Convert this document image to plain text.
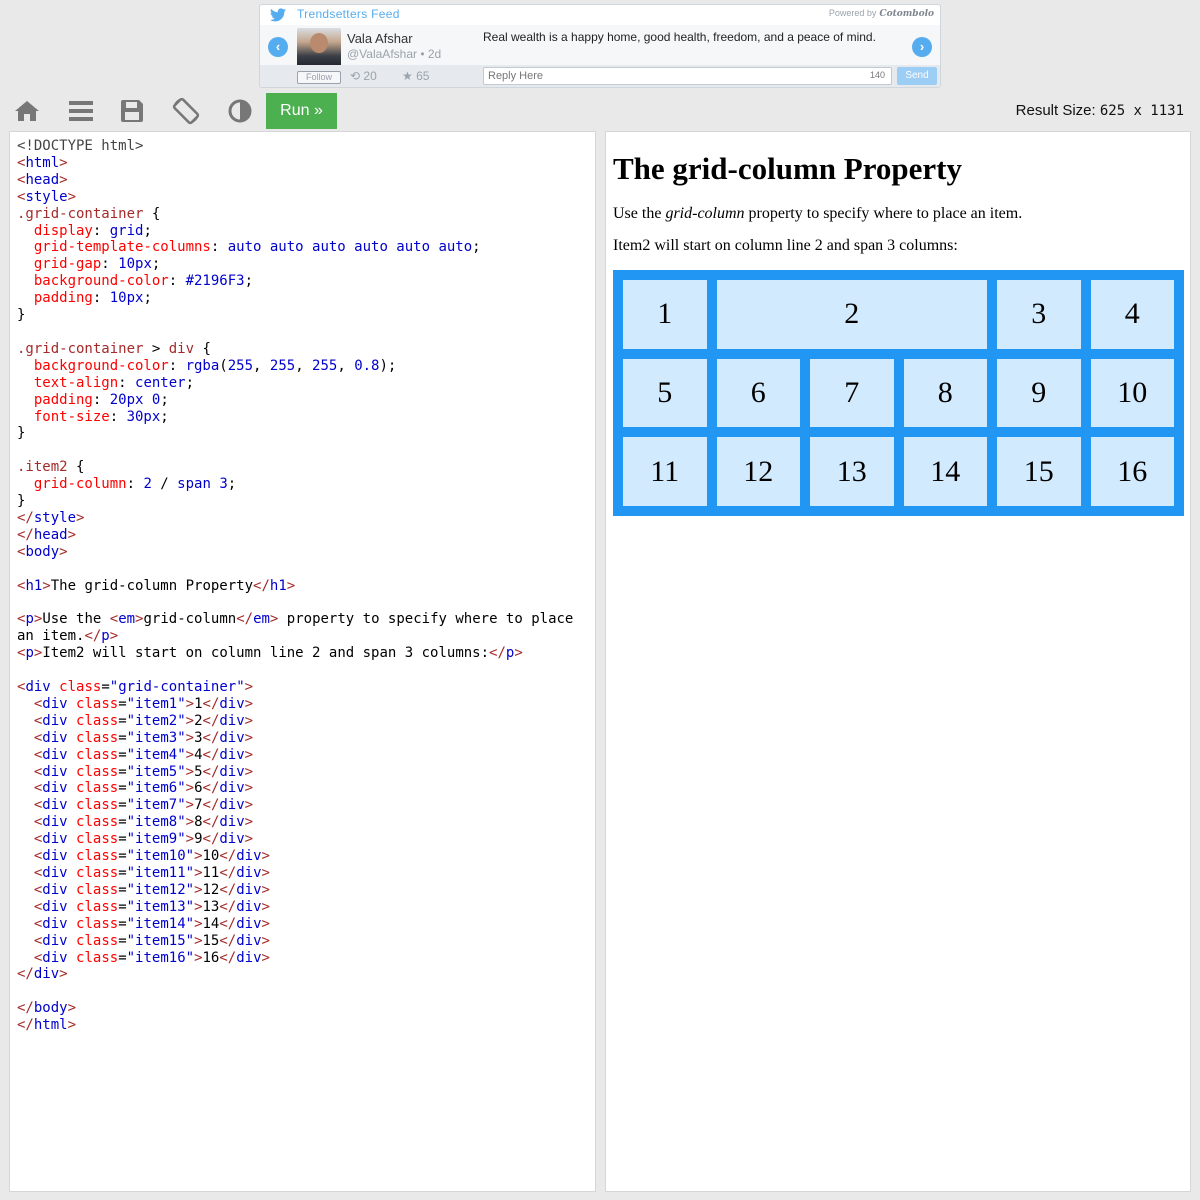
Trendsetters Feed	Powered by Cotombolo
‹
Vala Afshar
@ValaAfshar • 2d
Real wealth is a happy home, good health, freedom, and a peace of mind.
›
Follow	⟲ 20 ★ 65	Reply Here	140	Send
Run »	Result Size: 625 x 1131
<!DOCTYPE html>
<html>
<head>
<style>
.grid-container {
display: grid;
grid-template-columns: auto auto auto auto auto auto;
grid-gap: 10px;
background-color: #2196F3;
padding: 10px;
}

.grid-container > div {
background-color: rgba(255, 255, 255, 0.8);
text-align: center;
padding: 20px 0;
font-size: 30px;
}

.item2 {
grid-column: 2 / span 3;
}
</style>
</head>
<body>

<h1>The grid-column Property</h1>

<p>Use the <em>grid-column</em> property to specify where to place
an item.</p>
<p>Item2 will start on column line 2 and span 3 columns:</p>

<div class="grid-container">
<div class="item1">1</div>
<div class="item2">2</div>
<div class="item3">3</div>
<div class="item4">4</div>
<div class="item5">5</div>
<div class="item6">6</div>
<div class="item7">7</div>
<div class="item8">8</div>
<div class="item9">9</div>
<div class="item10">10</div>
<div class="item11">11</div>
<div class="item12">12</div>
<div class="item13">13</div>
<div class="item14">14</div>
<div class="item15">15</div>
<div class="item16">16</div>
</div>

</body>
</html>
The grid-column Property
Use the grid-column property to specify where to place an item.
Item2 will start on column line 2 and span 3 columns:
1	2	3	4
5	6	7	8	9	10
11	12	13	14	15	16
